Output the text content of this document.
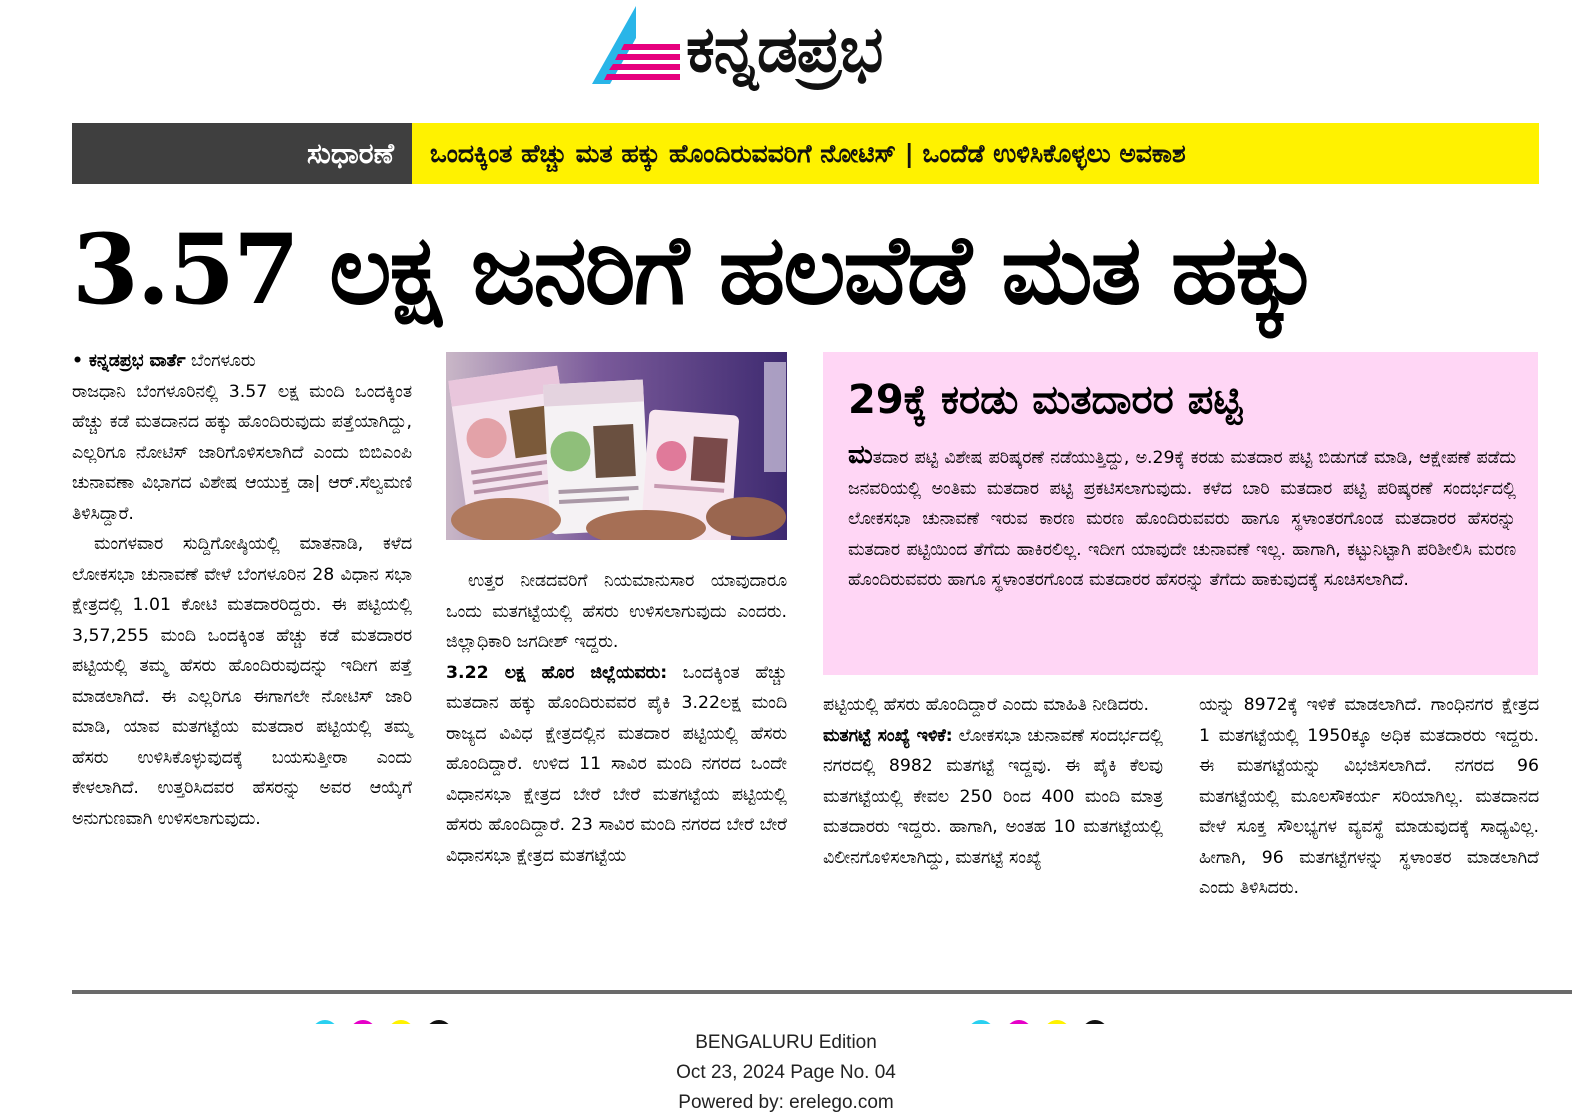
ಕನ್ನಡಪ್ರಭ
ಸುಧಾರಣೆ	ಒಂದಕ್ಕಿಂತ ಹೆಚ್ಚು ಮತ ಹಕ್ಕು ಹೊಂದಿರುವವರಿಗೆ ನೋಟಿಸ್ | ಒಂದೆಡೆ ಉಳಿಸಿಕೊಳ್ಳಲು ಅವಕಾಶ
3.57 ಲಕ್ಷ ಜನರಿಗೆ ಹಲವೆಡೆ ಮತ ಹಕ್ಕು

• ಕನ್ನಡಪ್ರಭ ವಾರ್ತೆ ಬೆಂಗಳೂರು

ರಾಜಧಾನಿ ಬೆಂಗಳೂರಿನಲ್ಲಿ 3.57 ಲಕ್ಷ ಮಂದಿ ಒಂದಕ್ಕಿಂತ ಹೆಚ್ಚು ಕಡೆ ಮತದಾನದ ಹಕ್ಕು ಹೊಂದಿರುವುದು ಪತ್ತೆಯಾಗಿದ್ದು, ಎಲ್ಲರಿಗೂ ನೋಟಿಸ್ ಜಾರಿಗೊಳಿಸಲಾಗಿದೆ ಎಂದು ಬಿಬಿಎಂಪಿ ಚುನಾವಣಾ ವಿಭಾಗದ ವಿಶೇಷ ಆಯುಕ್ತ ಡಾ| ಆರ್.ಸೆಲ್ವಮಣಿ ತಿಳಿಸಿದ್ದಾರೆ.

ಮಂಗಳವಾರ ಸುದ್ದಿಗೋಷ್ಠಿಯಲ್ಲಿ ಮಾತನಾಡಿ, ಕಳೆದ ಲೋಕಸಭಾ ಚುನಾವಣೆ ವೇಳೆ ಬೆಂಗಳೂರಿನ 28 ವಿಧಾನ ಸಭಾ ಕ್ಷೇತ್ರದಲ್ಲಿ 1.01 ಕೋಟಿ ಮತದಾರರಿದ್ದರು. ಈ ಪಟ್ಟಿಯಲ್ಲಿ 3,57,255 ಮಂದಿ ಒಂದಕ್ಕಿಂತ ಹೆಚ್ಚು ಕಡೆ ಮತದಾರರ ಪಟ್ಟಿಯಲ್ಲಿ ತಮ್ಮ ಹೆಸರು ಹೊಂದಿರುವುದನ್ನು ಇದೀಗ ಪತ್ತೆ ಮಾಡಲಾಗಿದೆ. ಈ ಎಲ್ಲರಿಗೂ ಈಗಾಗಲೇ ನೋಟಿಸ್ ಜಾರಿ ಮಾಡಿ, ಯಾವ ಮತಗಟ್ಟೆಯ ಮತದಾರ ಪಟ್ಟಿಯಲ್ಲಿ ತಮ್ಮ ಹೆಸರು ಉಳಿಸಿಕೊಳ್ಳುವುದಕ್ಕೆ ಬಯಸುತ್ತೀರಾ ಎಂದು ಕೇಳಲಾಗಿದೆ. ಉತ್ತರಿಸಿದವರ ಹೆಸರನ್ನು ಅವರ ಆಯ್ಕೆಗೆ ಅನುಗುಣವಾಗಿ ಉಳಿಸಲಾಗುವುದು.

ಉತ್ತರ ನೀಡದವರಿಗೆ ನಿಯಮಾನುಸಾರ ಯಾವುದಾರೂ ಒಂದು ಮತಗಟ್ಟೆಯಲ್ಲಿ ಹೆಸರು ಉಳಿಸಲಾಗುವುದು ಎಂದರು. ಜಿಲ್ಲಾಧಿಕಾರಿ ಜಗದೀಶ್ ಇದ್ದರು.

3.22 ಲಕ್ಷ ಹೊರ ಜಿಲ್ಲೆಯವರು: ಒಂದಕ್ಕಿಂತ ಹೆಚ್ಚು ಮತದಾನ ಹಕ್ಕು ಹೊಂದಿರುವವರ ಪೈಕಿ 3.22ಲಕ್ಷ ಮಂದಿ ರಾಜ್ಯದ ವಿವಿಧ ಕ್ಷೇತ್ರದಲ್ಲಿನ ಮತದಾರ ಪಟ್ಟಿಯಲ್ಲಿ ಹೆಸರು ಹೊಂದಿದ್ದಾರೆ. ಉಳಿದ 11 ಸಾವಿರ ಮಂದಿ ನಗರದ ಒಂದೇ ವಿಧಾನಸಭಾ ಕ್ಷೇತ್ರದ ಬೇರೆ ಬೇರೆ ಮತಗಟ್ಟೆಯ ಪಟ್ಟಿಯಲ್ಲಿ ಹೆಸರು ಹೊಂದಿದ್ದಾರೆ. 23 ಸಾವಿರ ಮಂದಿ ನಗರದ ಬೇರೆ ಬೇರೆ ವಿಧಾನಸಭಾ ಕ್ಷೇತ್ರದ ಮತಗಟ್ಟೆಯ

29ಕ್ಕೆ ಕರಡು ಮತದಾರರ ಪಟ್ಟಿ

ಮತದಾರ ಪಟ್ಟಿ ವಿಶೇಷ ಪರಿಷ್ಕರಣೆ ನಡೆಯುತ್ತಿದ್ದು, ಅ.29ಕ್ಕೆ ಕರಡು ಮತದಾರ ಪಟ್ಟಿ ಬಿಡುಗಡೆ ಮಾಡಿ, ಆಕ್ಷೇಪಣೆ ಪಡೆದು ಜನವರಿಯಲ್ಲಿ ಅಂತಿಮ ಮತದಾರ ಪಟ್ಟಿ ಪ್ರಕಟಿಸಲಾಗುವುದು. ಕಳೆದ ಬಾರಿ ಮತದಾರ ಪಟ್ಟಿ ಪರಿಷ್ಕರಣೆ ಸಂದರ್ಭದಲ್ಲಿ ಲೋಕಸಭಾ ಚುನಾವಣೆ ಇರುವ ಕಾರಣ ಮರಣ ಹೊಂದಿರುವವರು ಹಾಗೂ ಸ್ಥಳಾಂತರಗೊಂಡ ಮತದಾರರ ಹೆಸರನ್ನು ಮತದಾರ ಪಟ್ಟಿಯಿಂದ ತೆಗೆದು ಹಾಕಿರಲಿಲ್ಲ. ಇದೀಗ ಯಾವುದೇ ಚುನಾವಣೆ ಇಲ್ಲ. ಹಾಗಾಗಿ, ಕಟ್ಟುನಿಟ್ಟಾಗಿ ಪರಿಶೀಲಿಸಿ ಮರಣ ಹೊಂದಿರುವವರು ಹಾಗೂ ಸ್ಥಳಾಂತರಗೊಂಡ ಮತದಾರರ ಹೆಸರನ್ನು ತೆಗೆದು ಹಾಕುವುದಕ್ಕೆ ಸೂಚಿಸಲಾಗಿದೆ.

ಪಟ್ಟಿಯಲ್ಲಿ ಹೆಸರು ಹೊಂದಿದ್ದಾರೆ ಎಂದು ಮಾಹಿತಿ ನೀಡಿದರು.

ಮತಗಟ್ಟೆ ಸಂಖ್ಯೆ ಇಳಿಕೆ: ಲೋಕಸಭಾ ಚುನಾವಣೆ ಸಂದರ್ಭದಲ್ಲಿ ನಗರದಲ್ಲಿ 8982 ಮತಗಟ್ಟೆ ಇದ್ದವು. ಈ ಪೈಕಿ ಕೆಲವು ಮತಗಟ್ಟೆಯಲ್ಲಿ ಕೇವಲ 250 ರಿಂದ 400 ಮಂದಿ ಮಾತ್ರ ಮತದಾರರು ಇದ್ದರು. ಹಾಗಾಗಿ, ಅಂತಹ 10 ಮತಗಟ್ಟೆಯಲ್ಲಿ ವಿಲೀನಗೊಳಿಸಲಾಗಿದ್ದು, ಮತಗಟ್ಟೆ ಸಂಖ್ಯೆ

ಯನ್ನು 8972ಕ್ಕೆ ಇಳಿಕೆ ಮಾಡಲಾಗಿದೆ. ಗಾಂಧಿನಗರ ಕ್ಷೇತ್ರದ 1 ಮತಗಟ್ಟೆಯಲ್ಲಿ 1950ಕ್ಕೂ ಅಧಿಕ ಮತದಾರರು ಇದ್ದರು. ಈ ಮತಗಟ್ಟೆಯನ್ನು ವಿಭಜಿಸಲಾಗಿದೆ. ನಗರದ 96 ಮತಗಟ್ಟೆಯಲ್ಲಿ ಮೂಲಸೌಕರ್ಯ ಸರಿಯಾಗಿಲ್ಲ. ಮತದಾನದ ವೇಳೆ ಸೂಕ್ತ ಸೌಲಭ್ಯಗಳ ವ್ಯವಸ್ಥೆ ಮಾಡುವುದಕ್ಕೆ ಸಾಧ್ಯವಿಲ್ಲ. ಹೀಗಾಗಿ, 96 ಮತಗಟ್ಟೆಗಳನ್ನು ಸ್ಥಳಾಂತರ ಮಾಡಲಾಗಿದೆ ಎಂದು ತಿಳಿಸಿದರು.

BENGALURU Edition
Oct 23, 2024 Page No. 04
Powered by: erelego.com
